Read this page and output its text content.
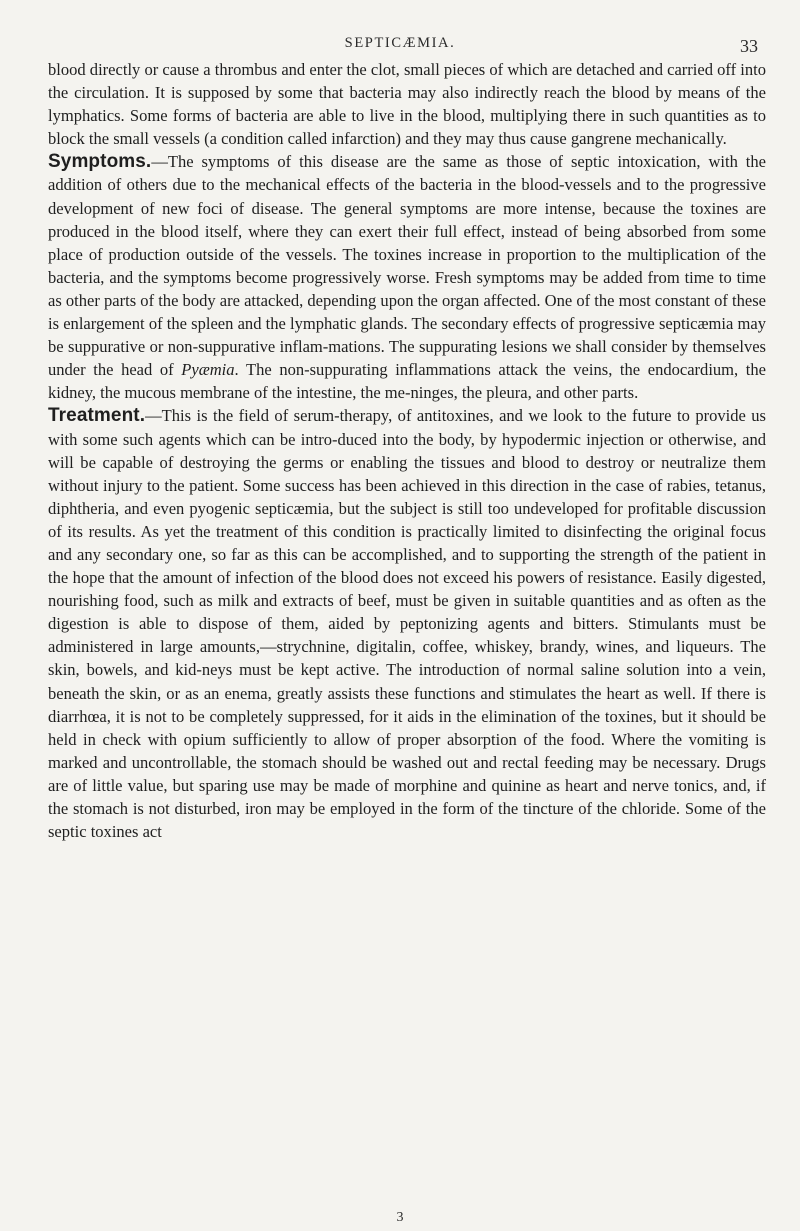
SEPTICÆMIA.	33

blood directly or cause a thrombus and enter the clot, small pieces of which are detached and carried off into the circulation. It is supposed by some that bacteria may also indirectly reach the blood by means of the lymphatics. Some forms of bacteria are able to live in the blood, multiplying there in such quantities as to block the small vessels (a condition called infarction) and they may thus cause gangrene mechanically.

Symptoms.—The symptoms of this disease are the same as those of septic intoxication, with the addition of others due to the mechanical effects of the bacteria in the blood-vessels and to the progressive development of new foci of disease. The general symptoms are more intense, because the toxines are produced in the blood itself, where they can exert their full effect, instead of being absorbed from some place of production outside of the vessels. The toxines increase in proportion to the multiplication of the bacteria, and the symptoms become progressively worse. Fresh symptoms may be added from time to time as other parts of the body are attacked, depending upon the organ affected. One of the most constant of these is enlargement of the spleen and the lymphatic glands. The secondary effects of progressive septicæmia may be suppurative or non-suppurative inflam-mations. The suppurating lesions we shall consider by themselves under the head of Pyæmia. The non-suppurating inflammations attack the veins, the endocardium, the kidney, the mucous membrane of the intestine, the me-ninges, the pleura, and other parts.

Treatment.—This is the field of serum-therapy, of antitoxines, and we look to the future to provide us with some such agents which can be intro-duced into the body, by hypodermic injection or otherwise, and will be capable of destroying the germs or enabling the tissues and blood to destroy or neutralize them without injury to the patient. Some success has been achieved in this direction in the case of rabies, tetanus, diphtheria, and even pyogenic septicæmia, but the subject is still too undeveloped for profitable discussion of its results. As yet the treatment of this condition is practically limited to disinfecting the original focus and any secondary one, so far as this can be accomplished, and to supporting the strength of the patient in the hope that the amount of infection of the blood does not exceed his powers of resistance. Easily digested, nourishing food, such as milk and extracts of beef, must be given in suitable quantities and as often as the digestion is able to dispose of them, aided by peptonizing agents and bitters. Stimulants must be administered in large amounts,—strychnine, digitalin, coffee, whiskey, brandy, wines, and liqueurs. The skin, bowels, and kid-neys must be kept active. The introduction of normal saline solution into a vein, beneath the skin, or as an enema, greatly assists these functions and stimulates the heart as well. If there is diarrhœa, it is not to be completely suppressed, for it aids in the elimination of the toxines, but it should be held in check with opium sufficiently to allow of proper absorption of the food. Where the vomiting is marked and uncontrollable, the stomach should be washed out and rectal feeding may be necessary. Drugs are of little value, but sparing use may be made of morphine and quinine as heart and nerve tonics, and, if the stomach is not disturbed, iron may be employed in the form of the tincture of the chloride. Some of the septic toxines act

3
